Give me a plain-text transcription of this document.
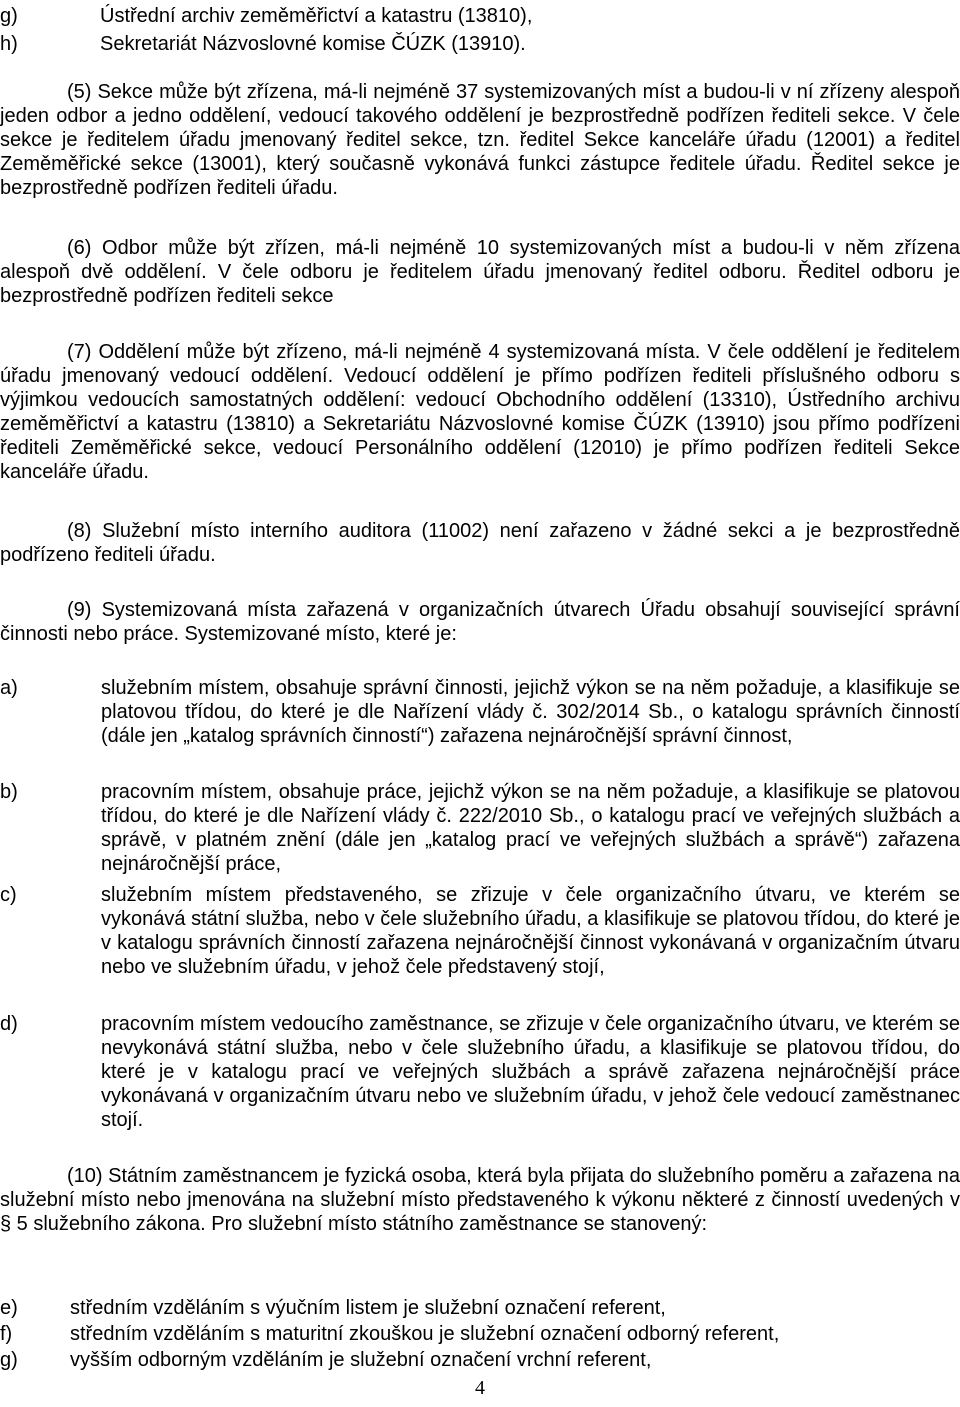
g)	Ústřední archiv zeměměřictví a katastru (13810),
h)	Sekretariát Názvoslovné komise ČÚZK (13910).
(5) Sekce může být zřízena, má-li nejméně 37 systemizovaných míst a budou-li v ní zřízeny alespoň jeden odbor a jedno oddělení, vedoucí takového oddělení je bezprostředně podřízen řediteli sekce. V čele sekce je ředitelem úřadu jmenovaný ředitel sekce, tzn. ředitel Sekce kanceláře úřadu (12001) a ředitel Zeměměřické sekce (13001), který současně vykonává funkci zástupce ředitele úřadu. Ředitel sekce je bezprostředně podřízen řediteli úřadu.
(6) Odbor může být zřízen, má-li nejméně 10 systemizovaných míst a budou-li v něm zřízena alespoň dvě oddělení. V čele odboru je ředitelem úřadu jmenovaný ředitel odboru. Ředitel odboru je bezprostředně podřízen řediteli sekce
(7) Oddělení může být zřízeno, má-li nejméně 4 systemizovaná místa. V čele oddělení je ředitelem úřadu jmenovaný vedoucí oddělení. Vedoucí oddělení je přímo podřízen řediteli příslušného odboru s výjimkou vedoucích samostatných oddělení: vedoucí Obchodního oddělení (13310), Ústředního archivu zeměměřictví a katastru (13810) a Sekretariátu Názvoslovné komise ČÚZK (13910) jsou přímo podřízeni řediteli Zeměměřické sekce, vedoucí Personálního oddělení (12010) je přímo podřízen řediteli Sekce kanceláře úřadu.
(8) Služební místo interního auditora (11002) není zařazeno v žádné sekci a je bezprostředně podřízeno řediteli úřadu.
(9) Systemizovaná místa zařazená v organizačních útvarech Úřadu obsahují související správní činnosti nebo práce. Systemizované místo, které je:
a)	služebním místem, obsahuje správní činnosti, jejichž výkon se na něm požaduje, a klasifikuje se platovou třídou, do které je dle Nařízení vlády č. 302/2014 Sb., o katalogu správních činností (dále jen „katalog správních činností“) zařazena nejnáročnější správní činnost,
b)	pracovním místem, obsahuje práce, jejichž výkon se na něm požaduje, a klasifikuje se platovou třídou, do které je dle Nařízení vlády č. 222/2010 Sb., o katalogu prací ve veřejných službách a správě, v platném znění (dále jen „katalog prací ve veřejných službách a správě“) zařazena nejnáročnější práce,
c)	služebním místem představeného, se zřizuje v čele organizačního útvaru, ve kterém se vykonává státní služba, nebo v čele služebního úřadu, a klasifikuje se platovou třídou, do které je v katalogu správních činností zařazena nejnáročnější činnost vykonávaná v organizačním útvaru nebo ve služebním úřadu, v jehož čele představený stojí,
d)	pracovním místem vedoucího zaměstnance, se zřizuje v čele organizačního útvaru, ve kterém se nevykonává státní služba, nebo v čele služebního úřadu, a klasifikuje se platovou třídou, do které je v katalogu prací ve veřejných službách a správě zařazena nejnáročnější práce vykonávaná v organizačním útvaru nebo ve služebním úřadu, v jehož čele vedoucí zaměstnanec stojí.
(10) Státním zaměstnancem je fyzická osoba, která byla přijata do služebního poměru a zařazena na služební místo nebo jmenována na služební místo představeného k výkonu některé z činností uvedených v § 5 služebního zákona. Pro služební místo státního zaměstnance se stanovený:
e)	středním vzděláním s výučním listem je služební označení referent,
f)	středním vzděláním s maturitní zkouškou je služební označení odborný referent,
g)	vyšším odborným vzděláním je služební označení vrchní referent,
4
